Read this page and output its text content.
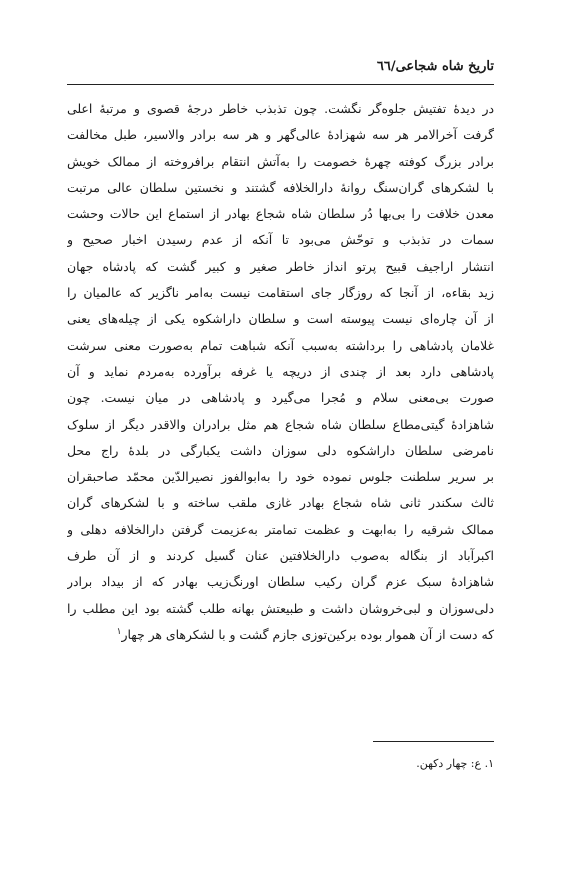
تاریخ شاه شجاعی/٦٦
در دیدهٔ تفتیش جلوه‌گر نگشت. چون تذبذب خاطر درجهٔ قصوی و مرتبهٔ اعلی
گرفت آخرالامر هر سه شهزادهٔ عالی‌گهر و هر سه برادر والاسیر، طبل مخالفت
برادر بزرگ کوفته چهرهٔ خصومت را به‌آتش انتقام برافروخته از ممالک خویش
با لشکرهای گران‌سنگ روانهٔ دارالخلافه گشتند و نخستین سلطان عالی مرتبت
معدن خلافت را بی‌بها دُر سلطان شاه شجاع بهادر از استماع این حالات وحشت
سمات در تذبذب و توحّش می‌بود تا آنکه از عدم رسیدن اخبار صحیح و
انتشار اراجیف قبیح پرتو انداز خاطر صغیر و کبیر گشت که پادشاه جهان
زید بقاءه، از آنجا که روزگار جای استقامت نیست به‌امر ناگزیر که عالمیان را
از آن چاره‌ای نیست پیوسته است و سلطان داراشکوه یکی از چیله‌های یعنی
غلامان پادشاهی را برداشته به‌سبب آنکه شباهت تمام به‌صورت معنی سرشت
پادشاهی دارد بعد از چندی از دریچه یا غرفه برآورده به‌مردم نماید و آن
صورت بی‌معنی سلام و مُجرا می‌گیرد و پادشاهی در میان نیست. چون
شاهزادهٔ گیتی‌مطاع سلطان شاه شجاع هم مثل برادران والاقدر دیگر از سلوک
نامرضی سلطان داراشکوه دلی سوزان داشت یکبارگی در بلدهٔ راج محل
بر سریر سلطنت جلوس نموده خود را به‌ابوالفوز نصیرالدّین محمّد صاحبقران
ثالث سکندر ثانی شاه شجاع بهادر غازی ملقب ساخته و با لشکرهای گران
ممالک شرقیه را به‌ابهت و عظمت تمامتر به‌عزیمت گرفتن دارالخلافه دهلی و
اکبرآباد از بنگاله به‌صوب دارالخلافتین عنان گسیل کردند و از آن طرف
شاهزادهٔ سبک عزم گران رکیب سلطان اورنگ‌زیب بهادر که از بیداد برادر
دلی‌سوزان و لبی‌خروشان داشت و طبیعتش بهانه طلب گشته بود این مطلب را
که دست از آن هموار بوده برکین‌توزی جازم گشت و با لشکرهای هر چهار$^١$
١. ع: چهار دکهن.
